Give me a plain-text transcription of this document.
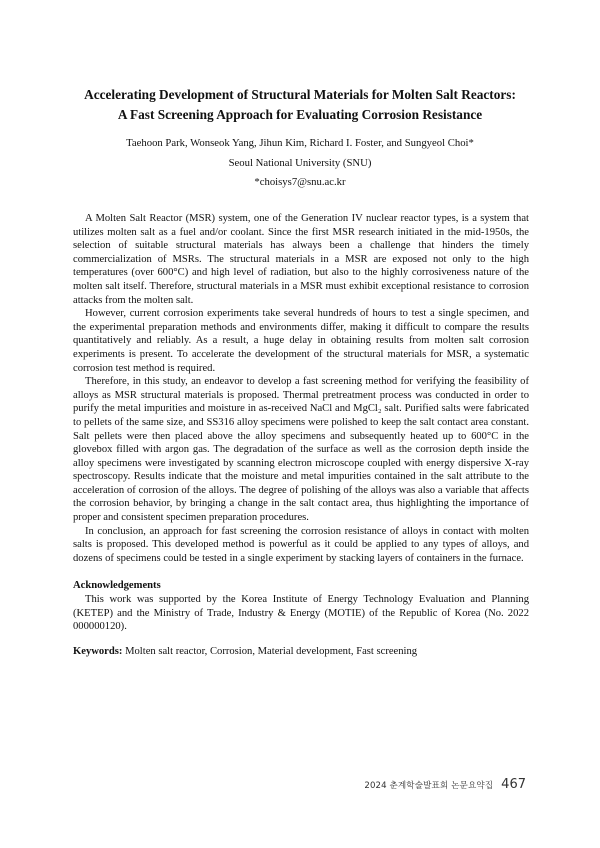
Accelerating Development of Structural Materials for Molten Salt Reactors:
A Fast Screening Approach for Evaluating Corrosion Resistance
Taehoon Park, Wonseok Yang, Jihun Kim, Richard I. Foster, and Sungyeol Choi*
Seoul National University (SNU)
*choisys7@snu.ac.kr

A Molten Salt Reactor (MSR) system, one of the Generation IV nuclear reactor types, is a system that utilizes molten salt as a fuel and/or coolant. Since the first MSR research initiated in the mid-1950s, the selection of suitable structural materials has always been a challenge that hinders the timely commercialization of MSRs. The structural materials in a MSR are exposed not only to the high temperatures (over 600°C) and high level of radiation, but also to the highly corrosiveness nature of the molten salt itself. Therefore, structural materials in a MSR must exhibit exceptional resistance to corrosion attacks from the molten salt.

However, current corrosion experiments take several hundreds of hours to test a single specimen, and the experimental preparation methods and environments differ, making it difficult to compare the results quantitatively and reliably. As a result, a huge delay in obtaining results from molten salt corrosion experiments is present. To accelerate the development of the structural materials for MSR, a systematic corrosion test method is required.

Therefore, in this study, an endeavor to develop a fast screening method for verifying the feasibility of alloys as MSR structural materials is proposed. Thermal pretreatment process was conducted in order to purify the metal impurities and moisture in as-received NaCl and MgCl₂ salt. Purified salts were fabricated to pellets of the same size, and SS316 alloy specimens were polished to keep the salt contact area constant. Salt pellets were then placed above the alloy specimens and subsequently heated up to 600°C in the glovebox filled with argon gas. The degradation of the surface as well as the corrosion depth inside the alloy specimens were investigated by scanning electron microscope coupled with energy dispersive X-ray spectroscopy. Results indicate that the moisture and metal impurities contained in the salt attribute to the acceleration of corrosion of the alloys. The degree of polishing of the alloys was also a variable that affects the corrosion behavior, by bringing a change in the salt contact area, thus highlighting the importance of proper and consistent specimen preparation procedures.

In conclusion, an approach for fast screening the corrosion resistance of alloys in contact with molten salts is proposed. This developed method is powerful as it could be applied to any types of alloys, and dozens of specimens could be tested in a single experiment by stacking layers of containers in the furnace.

Acknowledgements

This work was supported by the Korea Institute of Energy Technology Evaluation and Planning (KETEP) and the Ministry of Trade, Industry & Energy (MOTIE) of the Republic of Korea (No. 2022 000000120).

Keywords: Molten salt reactor, Corrosion, Material development, Fast screening
2024 춘계학술발표회 논문요약집 467
